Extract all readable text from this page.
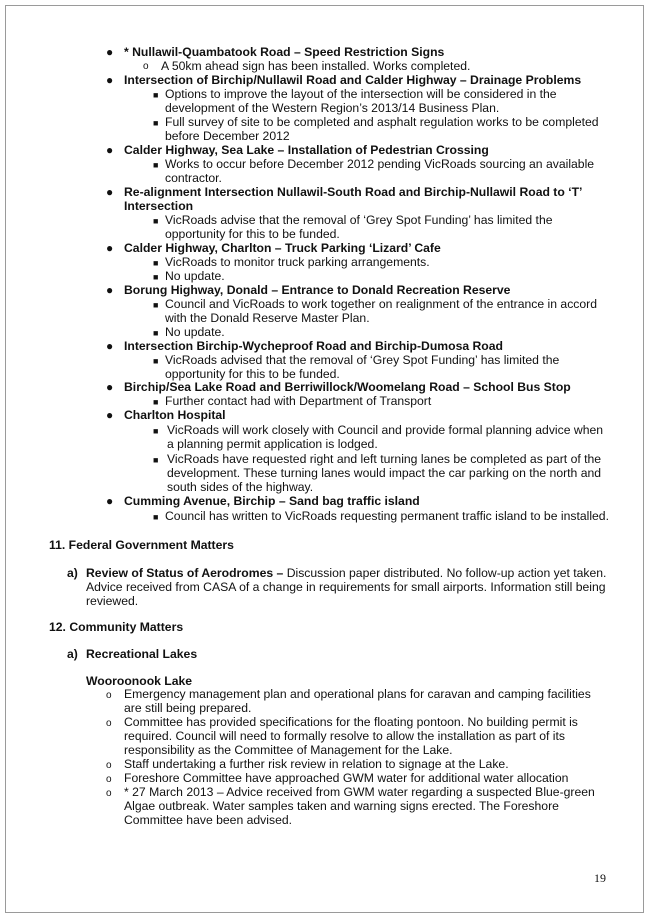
● * Nullawil-Quambatook Road – Speed Restriction Signs
o A 50km ahead sign has been installed. Works completed.
● Intersection of Birchip/Nullawil Road and Calder Highway – Drainage Problems
■ Options to improve the layout of the intersection will be considered in the
development of the Western Region’s 2013/14 Business Plan.
■ Full survey of site to be completed and asphalt regulation works to be completed
before December 2012
● Calder Highway, Sea Lake – Installation of Pedestrian Crossing
■ Works to occur before December 2012 pending VicRoads sourcing an available
contractor.
● Re-alignment Intersection Nullawil-South Road and Birchip-Nullawil Road to ‘T’
Intersection
■ VicRoads advise that the removal of ‘Grey Spot Funding’ has limited the
opportunity for this to be funded.
● Calder Highway, Charlton – Truck Parking ‘Lizard’ Cafe
■ VicRoads to monitor truck parking arrangements.
■ No update.
● Borung Highway, Donald – Entrance to Donald Recreation Reserve
■ Council and VicRoads to work together on realignment of the entrance in accord
with the Donald Reserve Master Plan.
■ No update.
● Intersection Birchip-Wycheproof Road and Birchip-Dumosa Road
■ VicRoads advised that the removal of ‘Grey Spot Funding’ has limited the
opportunity for this to be funded.
● Birchip/Sea Lake Road and Berriwillock/Woomelang Road – School Bus Stop
■ Further contact had with Department of Transport
● Charlton Hospital
■ VicRoads will work closely with Council and provide formal planning advice when
a planning permit application is lodged.
■ VicRoads have requested right and left turning lanes be completed as part of the
development. These turning lanes would impact the car parking on the north and
south sides of the highway.
● Cumming Avenue, Birchip – Sand bag traffic island
■ Council has written to VicRoads requesting permanent traffic island to be installed.
11. Federal Government Matters
a) Review of Status of Aerodromes – Discussion paper distributed. No follow-up action yet taken.
Advice received from CASA of a change in requirements for small airports. Information still being
reviewed.
12. Community Matters
a) Recreational Lakes
Wooroonook Lake
o Emergency management plan and operational plans for caravan and camping facilities
are still being prepared.
o Committee has provided specifications for the floating pontoon. No building permit is
required. Council will need to formally resolve to allow the installation as part of its
responsibility as the Committee of Management for the Lake.
o Staff undertaking a further risk review in relation to signage at the Lake.
o Foreshore Committee have approached GWM water for additional water allocation
o * 27 March 2013 – Advice received from GWM water regarding a suspected Blue-green
Algae outbreak. Water samples taken and warning signs erected. The Foreshore
Committee have been advised.
19
